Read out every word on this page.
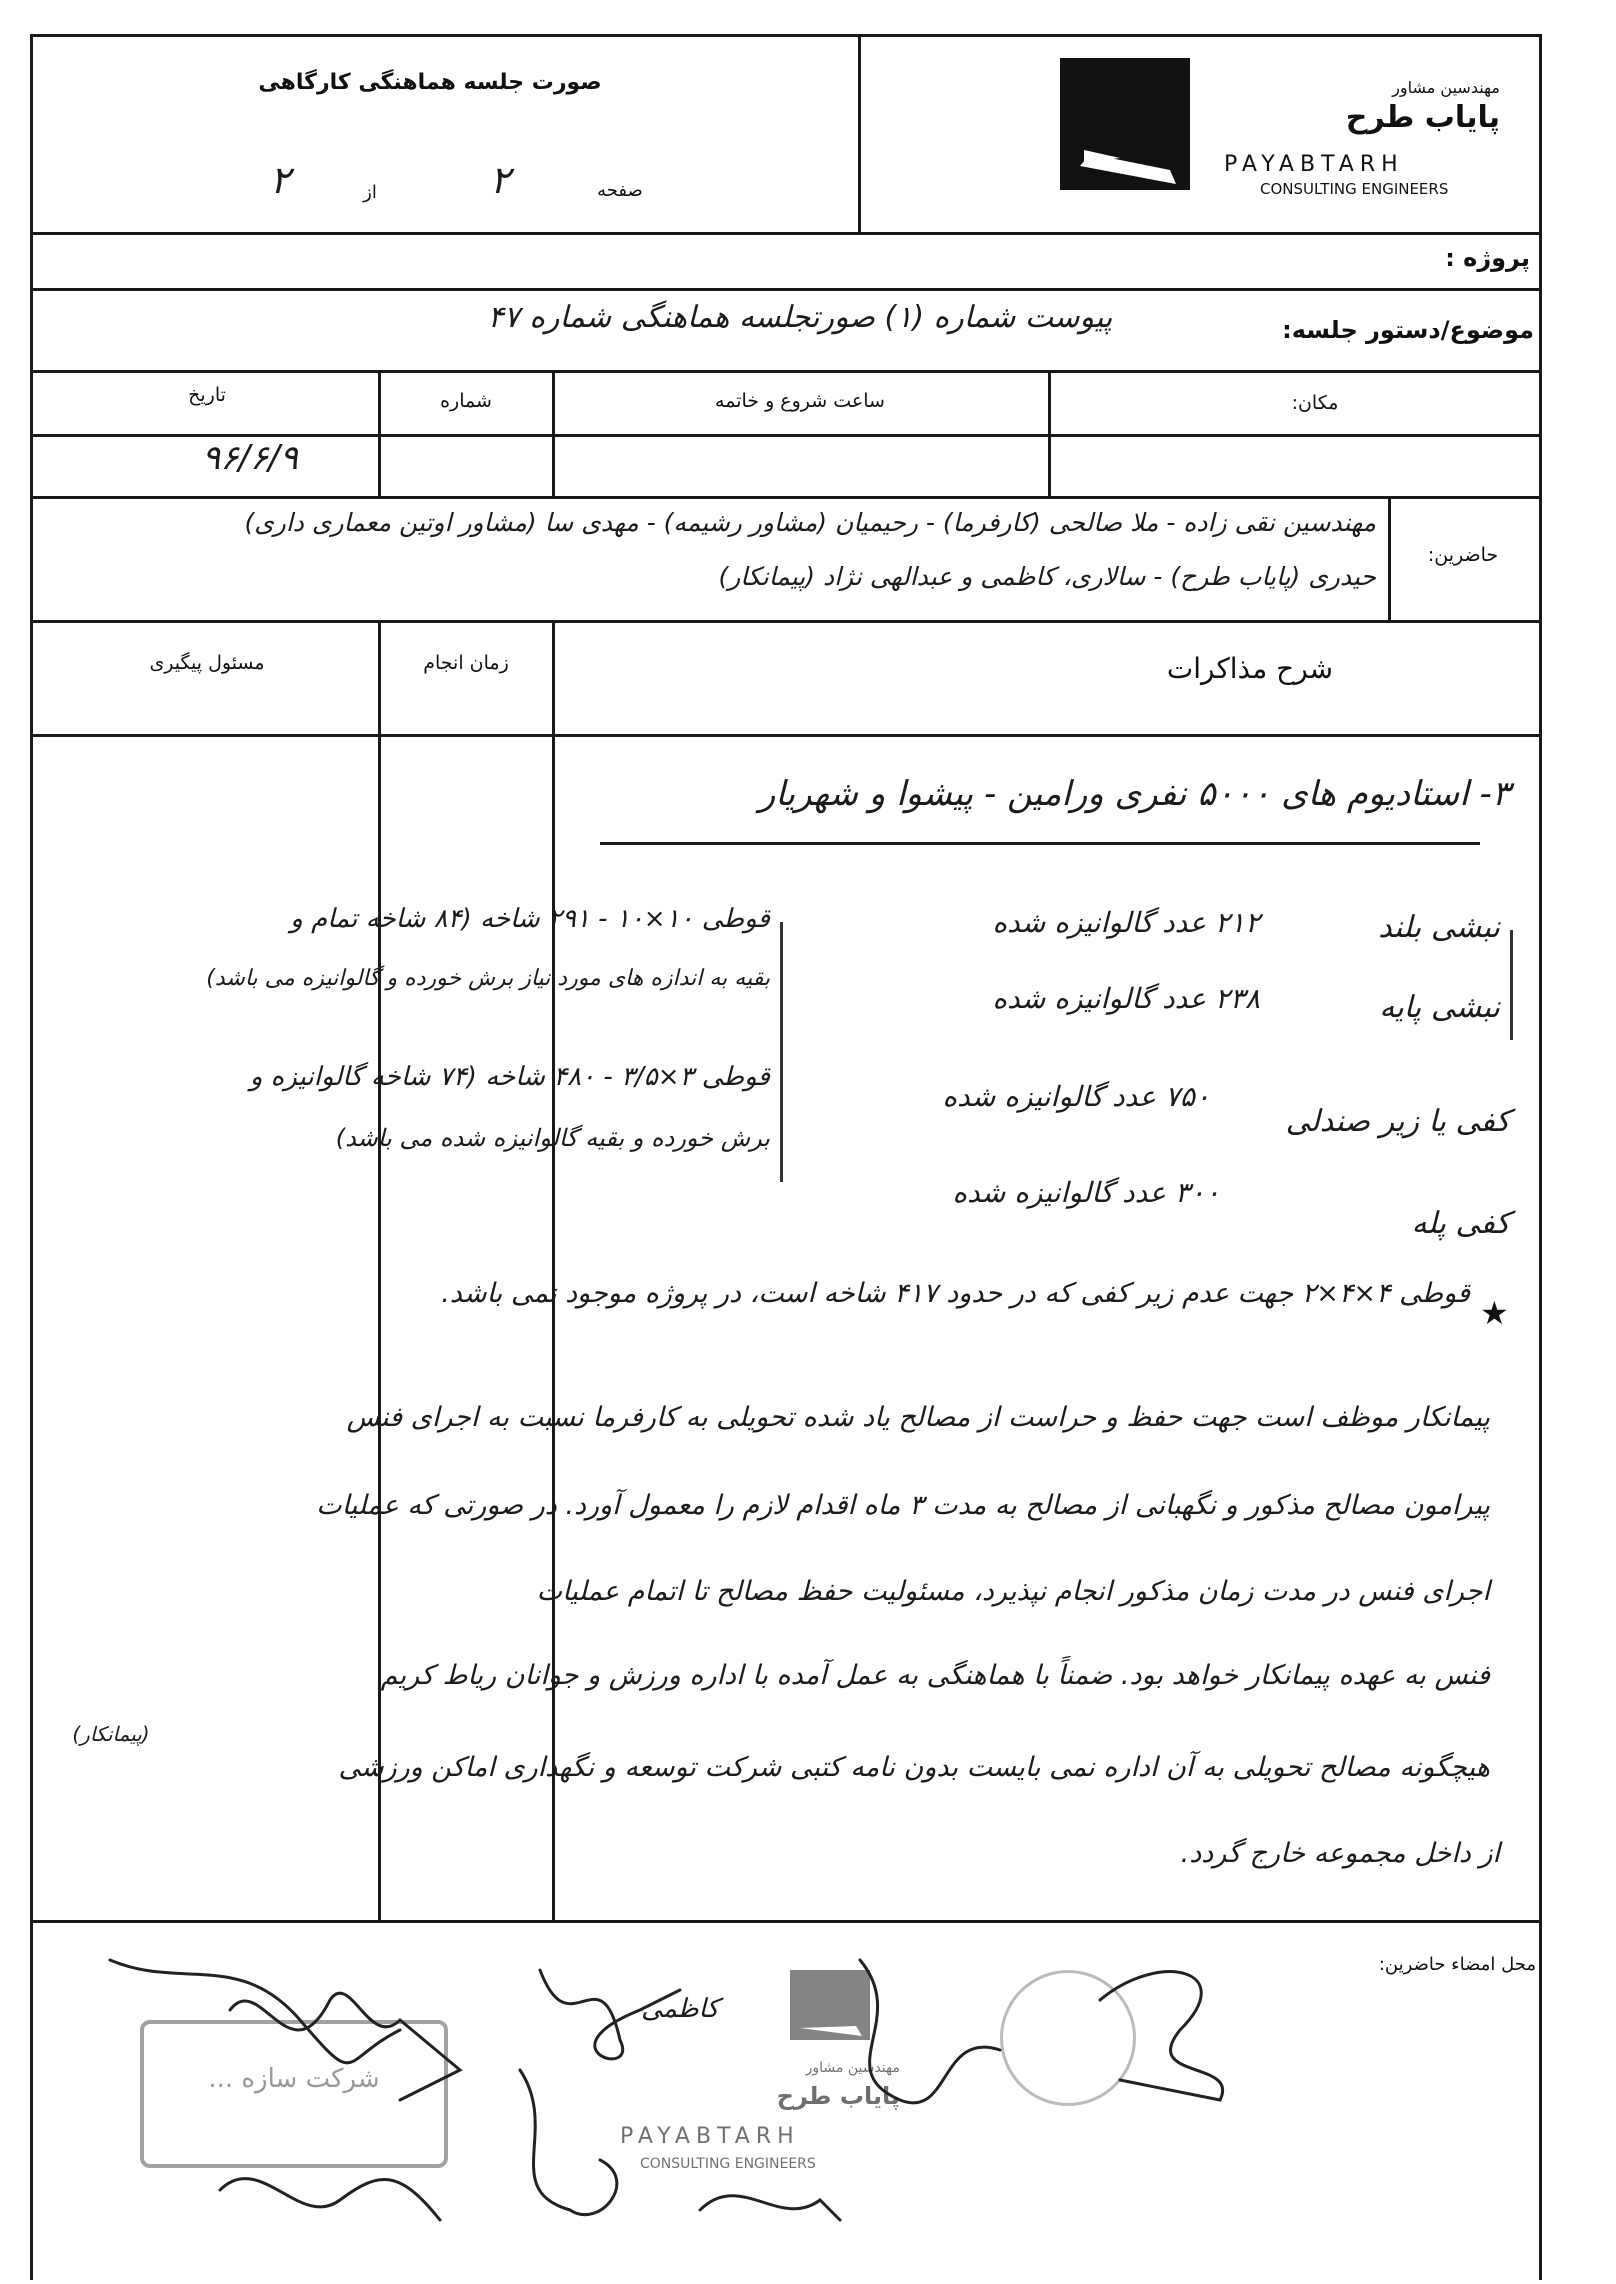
مهندسین مشاور
پایاب طرح
PAYABTARH
CONSULTING ENGINEERS
صورت جلسه هماهنگی کارگاهی
صفحه
۲
از
۲
پروژه :
موضوع/دستور جلسه:
پیوست شماره (۱) صورتجلسه هماهنگی شماره ۴۷
مکان:
ساعت شروع و خاتمه
شماره
تاریخ
۹۶/۶/۹
حاضرین:
مهندسین نقی زاده - ملا صالحی (کارفرما) - رحیمیان (مشاور رشیمه) - مهدی سا (مشاور اوتین معماری داری)
حیدری (پایاب طرح) - سالاری، کاظمی و عبدالهی نژاد (پیمانکار)
شرح مذاکرات
زمان انجام
مسئول پیگیری
۳- استادیوم های ۵۰۰۰ نفری ورامین - پیشوا و شهریار
نبشی بلند
۲۱۲ عدد گالوانیزه شده
نبشی پایه
۲۳۸ عدد گالوانیزه شده
کفی یا زیر صندلی
۷۵۰ عدد گالوانیزه شده
کفی پله
۳۰۰ عدد گالوانیزه شده
قوطی ۱۰×۱۰ - ۲۹۱ شاخه (۸۴ شاخه تمام و
بقیه به اندازه های مورد نیاز برش خورده و گالوانیزه می باشد)
قوطی ۳×۳/۵ - ۴۸۰ شاخه (۷۴ شاخه گالوانیزه و
برش خورده و بقیه گالوانیزه شده می باشد)
★
قوطی ۴×۴×۲ جهت عدم زیر کفی که در حدود ۴۱۷ شاخه است، در پروژه موجود نمی باشد.
پیمانکار موظف است جهت حفظ و حراست از مصالح یاد شده تحویلی به کارفرما نسبت به اجرای فنس
پیرامون مصالح مذکور و نگهبانی از مصالح به مدت ۳ ماه اقدام لازم را معمول آورد. در صورتی که عملیات
اجرای فنس در مدت زمان مذکور انجام نپذیرد، مسئولیت حفظ مصالح تا اتمام عملیات
فنس به عهده پیمانکار خواهد بود. ضمناً با هماهنگی به عمل آمده با اداره ورزش و جوانان ریاط کریم
(پیمانکار)
هیچگونه مصالح تحویلی به آن اداره نمی بایست بدون نامه کتبی شرکت توسعه و نگهداری اماکن ورزشی
از داخل مجموعه خارج گردد.
محل امضاء حاضرین:
مهندسین مشاور
پایاب طرح
PAYABTARH
CONSULTING ENGINEERS
شرکت سازه ...
کاظمی
